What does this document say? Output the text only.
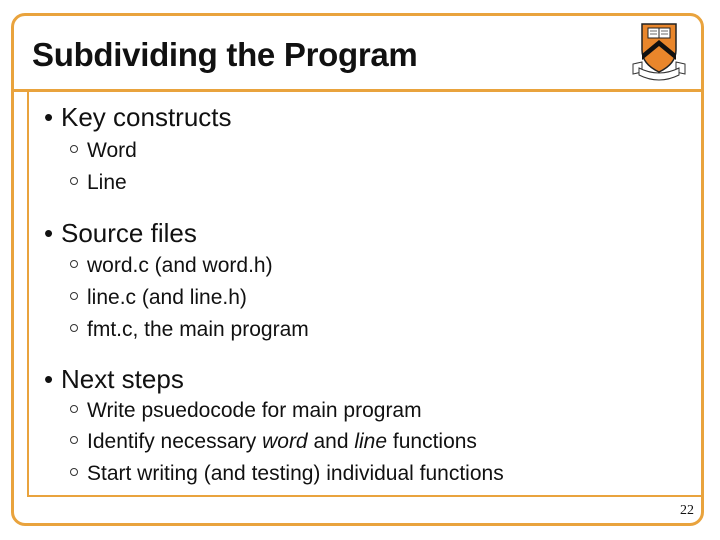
Subdividing the Program
• Key constructs
Word
Line
• Source files
word.c (and word.h)
line.c (and line.h)
fmt.c, the main program
• Next steps
Write psuedocode for main program
Identify necessary word and line functions
Start writing (and testing) individual functions
22
